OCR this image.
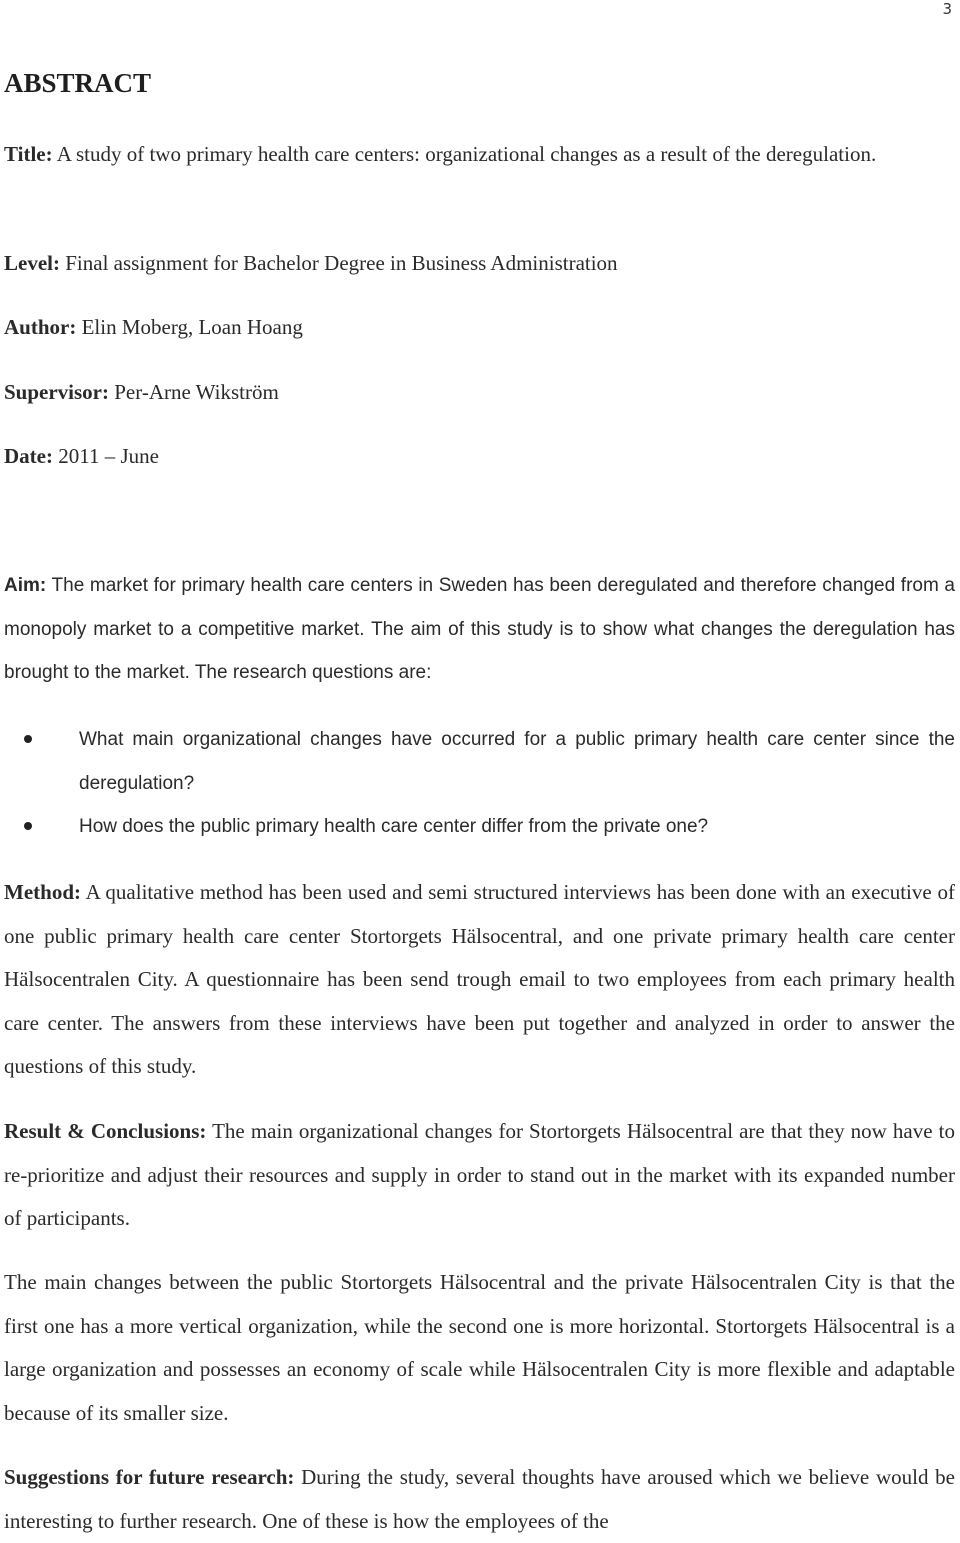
3
ABSTRACT

Title: A study of two primary health care centers: organizational changes as a result of the deregulation.

Level: Final assignment for Bachelor Degree in Business Administration

Author: Elin Moberg, Loan Hoang

Supervisor: Per-Arne Wikström

Date: 2011 – June

Aim: The market for primary health care centers in Sweden has been deregulated and therefore changed from a monopoly market to a competitive market. The aim of this study is to show what changes the deregulation has brought to the market. The research questions are:

What main organizational changes have occurred for a public primary health care center since the deregulation?
How does the public primary health care center differ from the private one?

Method: A qualitative method has been used and semi structured interviews has been done with an executive of one public primary health care center Stortorgets Hälsocentral, and one private primary health care center Hälsocentralen City. A questionnaire has been send trough email to two employees from each primary health care center. The answers from these interviews have been put together and analyzed in order to answer the questions of this study.

Result & Conclusions: The main organizational changes for Stortorgets Hälsocentral are that they now have to re-prioritize and adjust their resources and supply in order to stand out in the market with its expanded number of participants.

The main changes between the public Stortorgets Hälsocentral and the private Hälsocentralen City is that the first one has a more vertical organization, while the second one is more horizontal. Stortorgets Hälsocentral is a large organization and possesses an economy of scale while Hälsocentralen City is more flexible and adaptable because of its smaller size.

Suggestions for future research: During the study, several thoughts have aroused which we believe would be interesting to further research. One of these is how the employees of the
